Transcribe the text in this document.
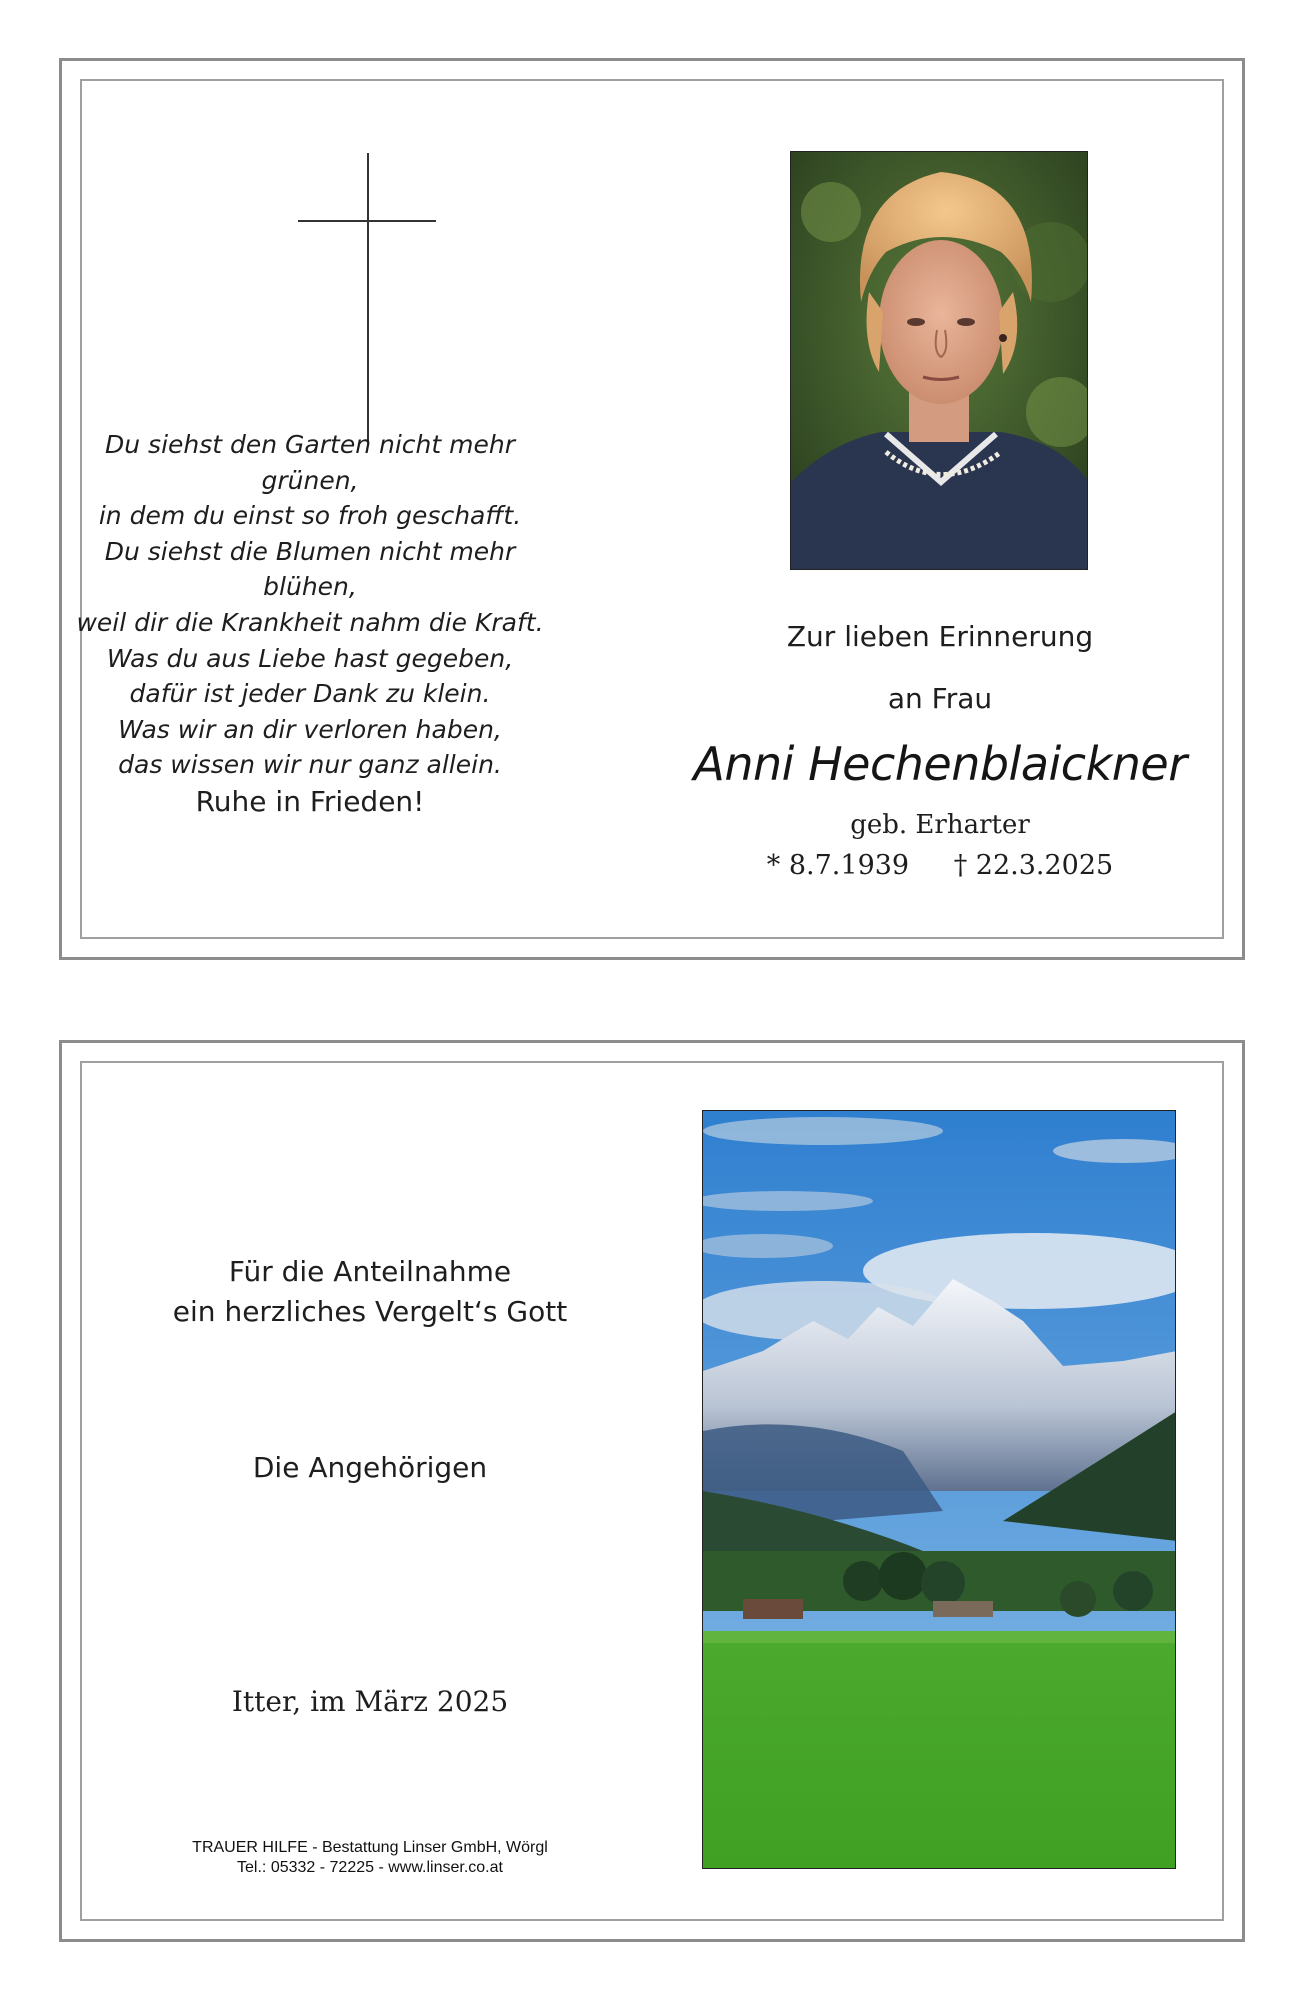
Du siehst den Garten nicht mehr grünen,
in dem du einst so froh geschafft.
Du siehst die Blumen nicht mehr blühen,
weil dir die Krankheit nahm die Kraft.
Was du aus Liebe hast gegeben,
dafür ist jeder Dank zu klein.
Was wir an dir verloren haben,
das wissen wir nur ganz allein.
Ruhe in Frieden!
Zur lieben Erinnerung
an Frau
Anni Hechenblaickner
geb. Erharter
* 8.7.1939 † 22.3.2025
Für die Anteilnahme
ein herzliches Vergelt‘s Gott
Die Angehörigen
Itter, im März 2025
TRAUER HILFE - Bestattung Linser GmbH, Wörgl
Tel.: 05332 - 72225 - www.linser.co.at
